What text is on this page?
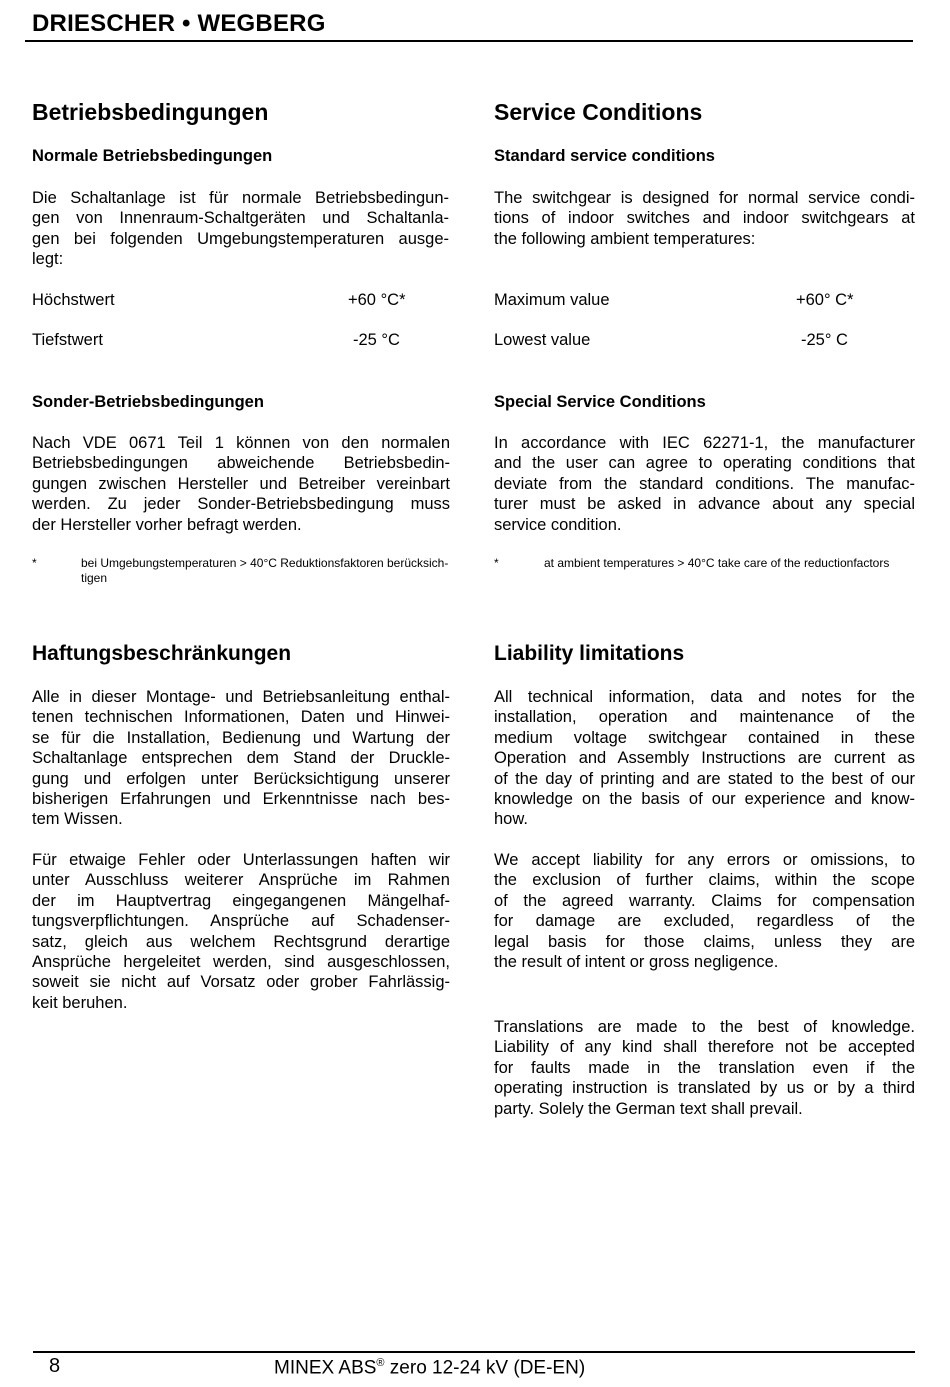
DRIESCHER • WEGBERG
Betriebsbedingungen
Normale Betriebsbedingungen
Die Schaltanlage ist für normale Betriebsbedingun-
gen von Innenraum-Schaltgeräten und Schaltanla-
gen bei folgenden Umgebungstemperaturen ausge-
legt:
Höchstwert	+60 °C*
Tiefstwert	-25 °C
Sonder-Betriebsbedingungen
Nach VDE 0671 Teil 1 können von den normalen
Betriebsbedingungen abweichende Betriebsbedin-
gungen zwischen Hersteller und Betreiber vereinbart
werden. Zu jeder Sonder-Betriebsbedingung muss
der Hersteller vorher befragt werden.
*	bei Umgebungstemperaturen > 40°C Reduktionsfaktoren berücksich-tigen
Haftungsbeschränkungen
Alle in dieser Montage- und Betriebsanleitung enthal-
tenen technischen Informationen, Daten und Hinwei-
se für die Installation, Bedienung und Wartung der
Schaltanlage entsprechen dem Stand der Druckle-
gung und erfolgen unter Berücksichtigung unserer
bisherigen Erfahrungen und Erkenntnisse nach bes-
tem Wissen.
Für etwaige Fehler oder Unterlassungen haften wir
unter Ausschluss weiterer Ansprüche im Rahmen
der im Hauptvertrag eingegangenen Mängelhaf-
tungsverpflichtungen. Ansprüche auf Schadenser-
satz, gleich aus welchem Rechtsgrund derartige
Ansprüche hergeleitet werden, sind ausgeschlossen,
soweit sie nicht auf Vorsatz oder grober Fahrlässig-
keit beruhen.
Service Conditions
Standard service conditions
The switchgear is designed for normal service condi-
tions of indoor switches and indoor switchgears at
the following ambient temperatures:
Maximum value	+60° C*
Lowest value	-25° C
Special Service Conditions
In accordance with IEC 62271-1, the manufacturer
and the user can agree to operating conditions that
deviate from the standard conditions. The manufac-
turer must be asked in advance about any special
service condition.
*	at ambient temperatures > 40°C take care of the reductionfactors
Liability limitations
All technical information, data and notes for the
installation, operation and maintenance of the
medium voltage switchgear contained in these
Operation and Assembly Instructions are current as
of the day of printing and are stated to the best of our
knowledge on the basis of our experience and know-
how.
We accept liability for any errors or omissions, to
the exclusion of further claims, within the scope
of the agreed warranty. Claims for compensation
for damage are excluded, regardless of the
legal basis for those claims, unless they are
the result of intent or gross negligence.
Translations are made to the best of knowledge.
Liability of any kind shall therefore not be accepted
for faults made in the translation even if the
operating instruction is translated by us or by a third
party. Solely the German text shall prevail.
8	MINEX ABS® zero 12-24 kV (DE-EN)
